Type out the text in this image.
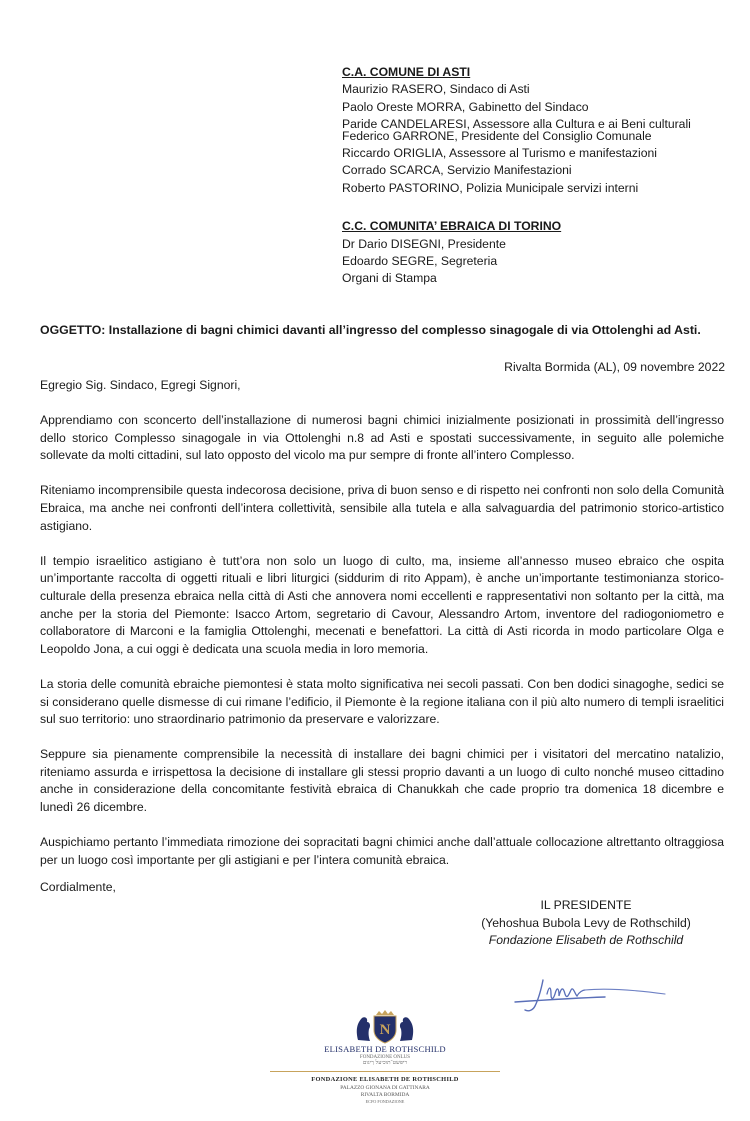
C.A. COMUNE DI ASTI
Maurizio RASERO, Sindaco di Asti
Paolo Oreste MORRA, Gabinetto del Sindaco
Paride CANDELARESI, Assessore alla Cultura e ai Beni culturali
Federico GARRONE, Presidente del Consiglio Comunale
Riccardo ORIGLIA, Assessore al Turismo e manifestazioni
Corrado SCARCA, Servizio Manifestazioni
Roberto PASTORINO, Polizia Municipale servizi interni
C.C. COMUNITA’ EBRAICA DI TORINO
Dr Dario DISEGNI, Presidente
Edoardo SEGRE, Segreteria
Organi di Stampa
OGGETTO: Installazione di bagni chimici davanti all’ingresso del complesso sinagogale di via Ottolenghi ad Asti.
Rivalta Bormida (AL), 09 novembre 2022
Egregio Sig. Sindaco, Egregi Signori,

Apprendiamo con sconcerto dell’installazione di numerosi bagni chimici inizialmente posizionati in prossimità dell’ingresso dello storico Complesso sinagogale in via Ottolenghi n.8 ad Asti e spostati successivamente, in seguito alle polemiche sollevate da molti cittadini, sul lato opposto del vicolo ma pur sempre di fronte all’intero Complesso.

Riteniamo incomprensibile questa indecorosa decisione, priva di buon senso e di rispetto nei confronti non solo della Comunità Ebraica, ma anche nei confronti dell’intera collettività, sensibile alla tutela e alla salvaguardia del patrimonio storico-artistico astigiano.

Il tempio israelitico astigiano è tutt’ora non solo un luogo di culto, ma, insieme all’annesso museo ebraico che ospita un’importante raccolta di oggetti rituali e libri liturgici (siddurim di rito Appam), è anche un’importante testimonianza storico-culturale della presenza ebraica nella città di Asti che annovera nomi eccellenti e rappresentativi non soltanto per la città, ma anche per la storia del Piemonte: Isacco Artom, segretario di Cavour, Alessandro Artom, inventore del radiogoniometro e collaboratore di Marconi e la famiglia Ottolenghi, mecenati e benefattori. La città di Asti ricorda in modo particolare Olga e Leopoldo Jona, a cui oggi è dedicata una scuola media in loro memoria.

La storia delle comunità ebraiche piemontesi è stata molto significativa nei secoli passati. Con ben dodici sinagoghe, sedici se si considerano quelle dismesse di cui rimane l’edificio, il Piemonte è la regione italiana con il più alto numero di templi israelitici sul suo territorio: uno straordinario patrimonio da preservare e valorizzare.

Seppure sia pienamente comprensibile la necessità di installare dei bagni chimici per i visitatori del mercatino natalizio, riteniamo assurda e irrispettosa la decisione di installare gli stessi proprio davanti a un luogo di culto nonché museo cittadino anche in considerazione della concomitante festività ebraica di Chanukkah che cade proprio tra domenica 18 dicembre e lunedì 26 dicembre.

Auspichiamo pertanto l’immediata rimozione dei sopracitati bagni chimici anche dall’attuale collocazione altrettanto oltraggiosa per un luogo così importante per gli astigiani e per l’intera comunità ebraica.

Cordialmente,
IL PRESIDENTE
(Yehoshua Bubola Levy de Rothschild)
Fondazione Elisabeth de Rothschild
N
ELISABETH DE ROTHSCHILD
FONDAZIONE ONLUS
ריפשט־תוכיעל ךיגום
FONDAZIONE ELISABETH DE ROTHSCHILD
PALAZZO GIONANA DI GATTINARA
RIVALTA BORMIDA
ECFO FONDAZIONE
